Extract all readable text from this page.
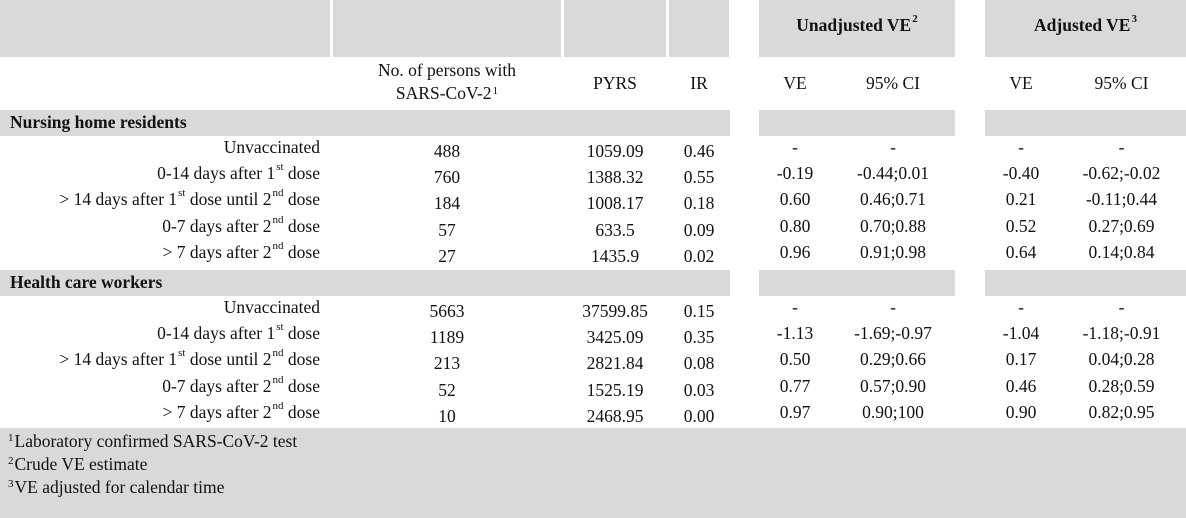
Unadjusted $VE^2$	Adjusted $VE^3$
No. of persons with
SARS-$CoV-2^1$	PYRS	IR	VE	95% CI	VE	95% CI
Nursing home residents
Unvaccinated	488	1059.09	0.46	-	-	-	-
0-14 days after 1st dose	760	1388.32	0.55	-0.19	-0.44;0.01	-0.40	-0.62;-0.02
> 14 days after 1st dose until 2nd dose	184	1008.17	0.18	0.60	0.46;0.71	0.21	-0.11;0.44
0-7 days after 2nd dose	57	633.5	0.09	0.80	0.70;0.88	0.52	0.27;0.69
> 7 days after 2nd dose	27	1435.9	0.02	0.96	0.91;0.98	0.64	0.14;0.84
Health care workers
Unvaccinated	5663	37599.85	0.15	-	-	-	-
0-14 days after 1st dose	1189	3425.09	0.35	-1.13	-1.69;-0.97	-1.04	-1.18;-0.91
> 14 days after 1st dose until 2nd dose	213	2821.84	0.08	0.50	0.29;0.66	0.17	0.04;0.28
0-7 days after 2nd dose	52	1525.19	0.03	0.77	0.57;0.90	0.46	0.28;0.59
> 7 days after 2nd dose	10	2468.95	0.00	0.97	0.90;100	0.90	0.82;0.95
$^1$Laboratory confirmed SARS-CoV-2 test
$^2$Crude VE estimate
$^3$VE adjusted for calendar time
